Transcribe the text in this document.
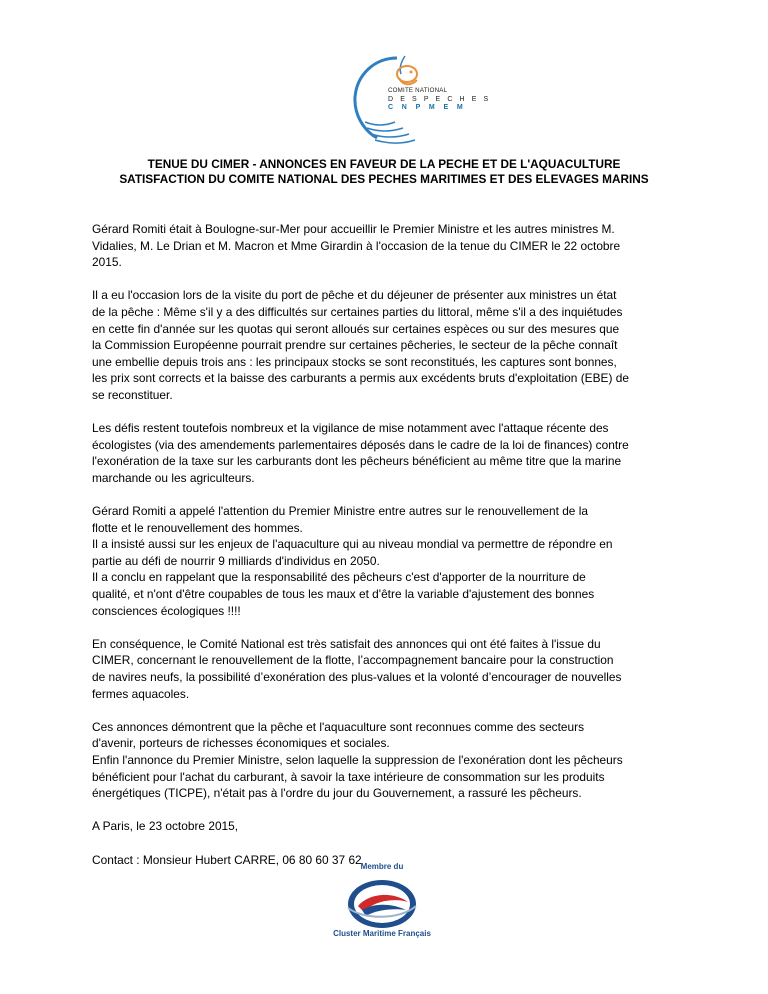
COMITE NATIONAL
D E S P E C H E S
C N P M E M
TENUE DU CIMER - ANNONCES EN FAVEUR DE LA PECHE ET DE L'AQUACULTURE
SATISFACTION DU COMITE NATIONAL DES PECHES MARITIMES ET DES ELEVAGES MARINS

Gérard Romiti était à Boulogne-sur-Mer pour accueillir le Premier Ministre et les autres ministres M.
Vidalies, M. Le Drian et M. Macron et Mme Girardin à l'occasion de la tenue du CIMER le 22 octobre
2015.

Il a eu l'occasion lors de la visite du port de pêche et du déjeuner de présenter aux ministres un état
de la pêche : Même s'il y a des difficultés sur certaines parties du littoral, même s'il a des inquiétudes
en cette fin d'année sur les quotas qui seront alloués sur certaines espèces ou sur des mesures que
la Commission Européenne pourrait prendre sur certaines pêcheries, le secteur de la pêche connaît
une embellie depuis trois ans : les principaux stocks se sont reconstitués, les captures sont bonnes,
les prix sont corrects et la baisse des carburants a permis aux excédents bruts d'exploitation (EBE) de
se reconstituer.

Les défis restent toutefois nombreux et la vigilance de mise notamment avec l'attaque récente des
écologistes (via des amendements parlementaires déposés dans le cadre de la loi de finances) contre
l'exonération de la taxe sur les carburants dont les pêcheurs bénéficient au même titre que la marine
marchande ou les agriculteurs.

Gérard Romiti a appelé l'attention du Premier Ministre entre autres sur le renouvellement de la
flotte et le renouvellement des hommes.
Il a insisté aussi sur les enjeux de l'aquaculture qui au niveau mondial va permettre de répondre en
partie au défi de nourrir 9 milliards d'individus en 2050.
Il a conclu en rappelant que la responsabilité des pêcheurs c'est d'apporter de la nourriture de
qualité, et n'ont d'être coupables de tous les maux et d'être la variable d'ajustement des bonnes
consciences écologiques !!!!

En conséquence, le Comité National est très satisfait des annonces qui ont été faites à l'issue du
CIMER, concernant le renouvellement de la flotte, l’accompagnement bancaire pour la construction
de navires neufs, la possibilité d’exonération des plus-values et la volonté d’encourager de nouvelles
fermes aquacoles.

Ces annonces démontrent que la pêche et l'aquaculture sont reconnues comme des secteurs
d'avenir, porteurs de richesses économiques et sociales.
Enfin l'annonce du Premier Ministre, selon laquelle la suppression de l'exonération dont les pêcheurs
bénéficient pour l'achat du carburant, à savoir la taxe intérieure de consommation sur les produits
énergétiques (TICPE), n'était pas à l'ordre du jour du Gouvernement, a rassuré les pêcheurs.

A Paris, le 23 octobre 2015,

Contact : Monsieur Hubert CARRE, 06 80 60 37 62

Membre du
Cluster Maritime Français
